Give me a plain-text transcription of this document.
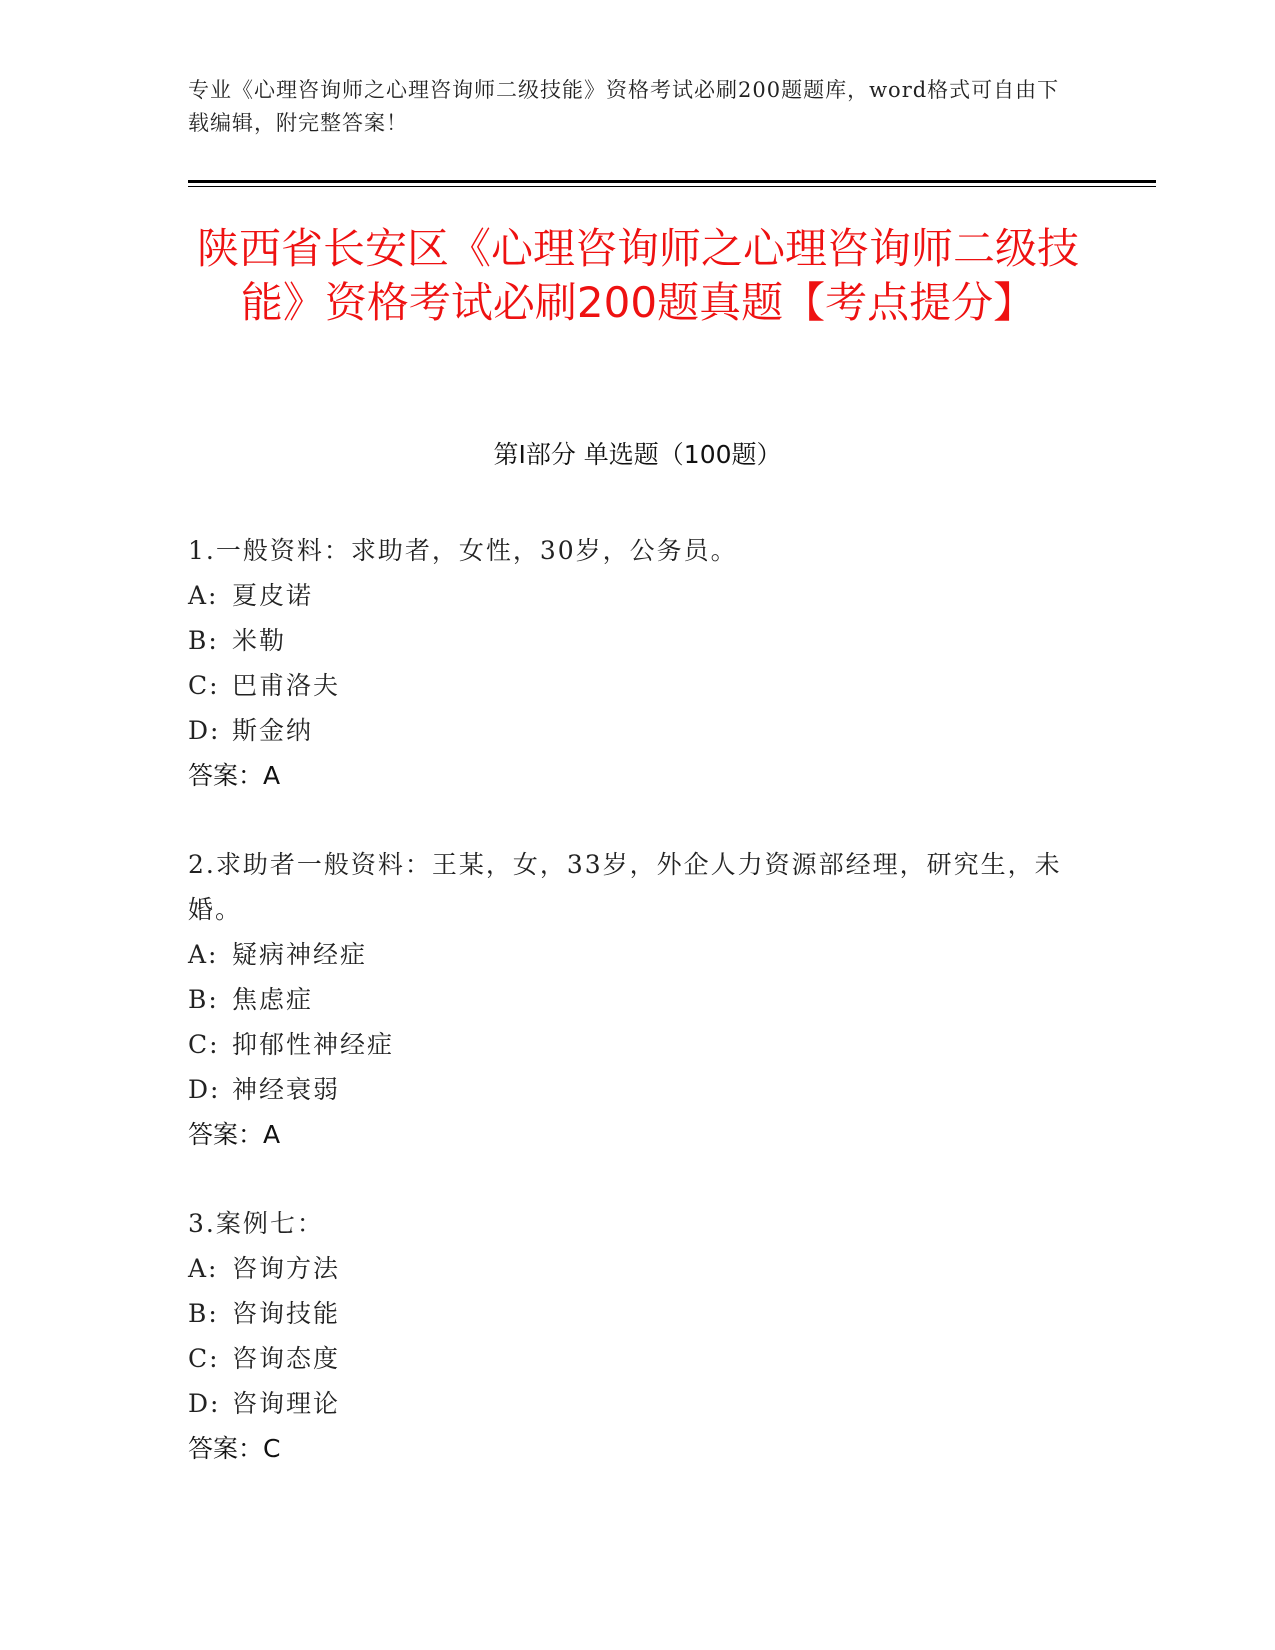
专业《心理咨询师之心理咨询师二级技能》资格考试必刷200题题库，word格式可自由下载编辑，附完整答案！
陕西省长安区《心理咨询师之心理咨询师二级技能》资格考试必刷200题真题【考点提分】
第I部分 单选题（100题）
1.一般资料：求助者，女性，30岁，公务员。
A: 夏皮诺
B: 米勒
C: 巴甫洛夫
D: 斯金纳
答案：A
2.求助者一般资料：王某，女，33岁，外企人力资源部经理，研究生，未婚。
A: 疑病神经症
B: 焦虑症
C: 抑郁性神经症
D: 神经衰弱
答案：A
3.案例七：
A: 咨询方法
B: 咨询技能
C: 咨询态度
D: 咨询理论
答案：C
